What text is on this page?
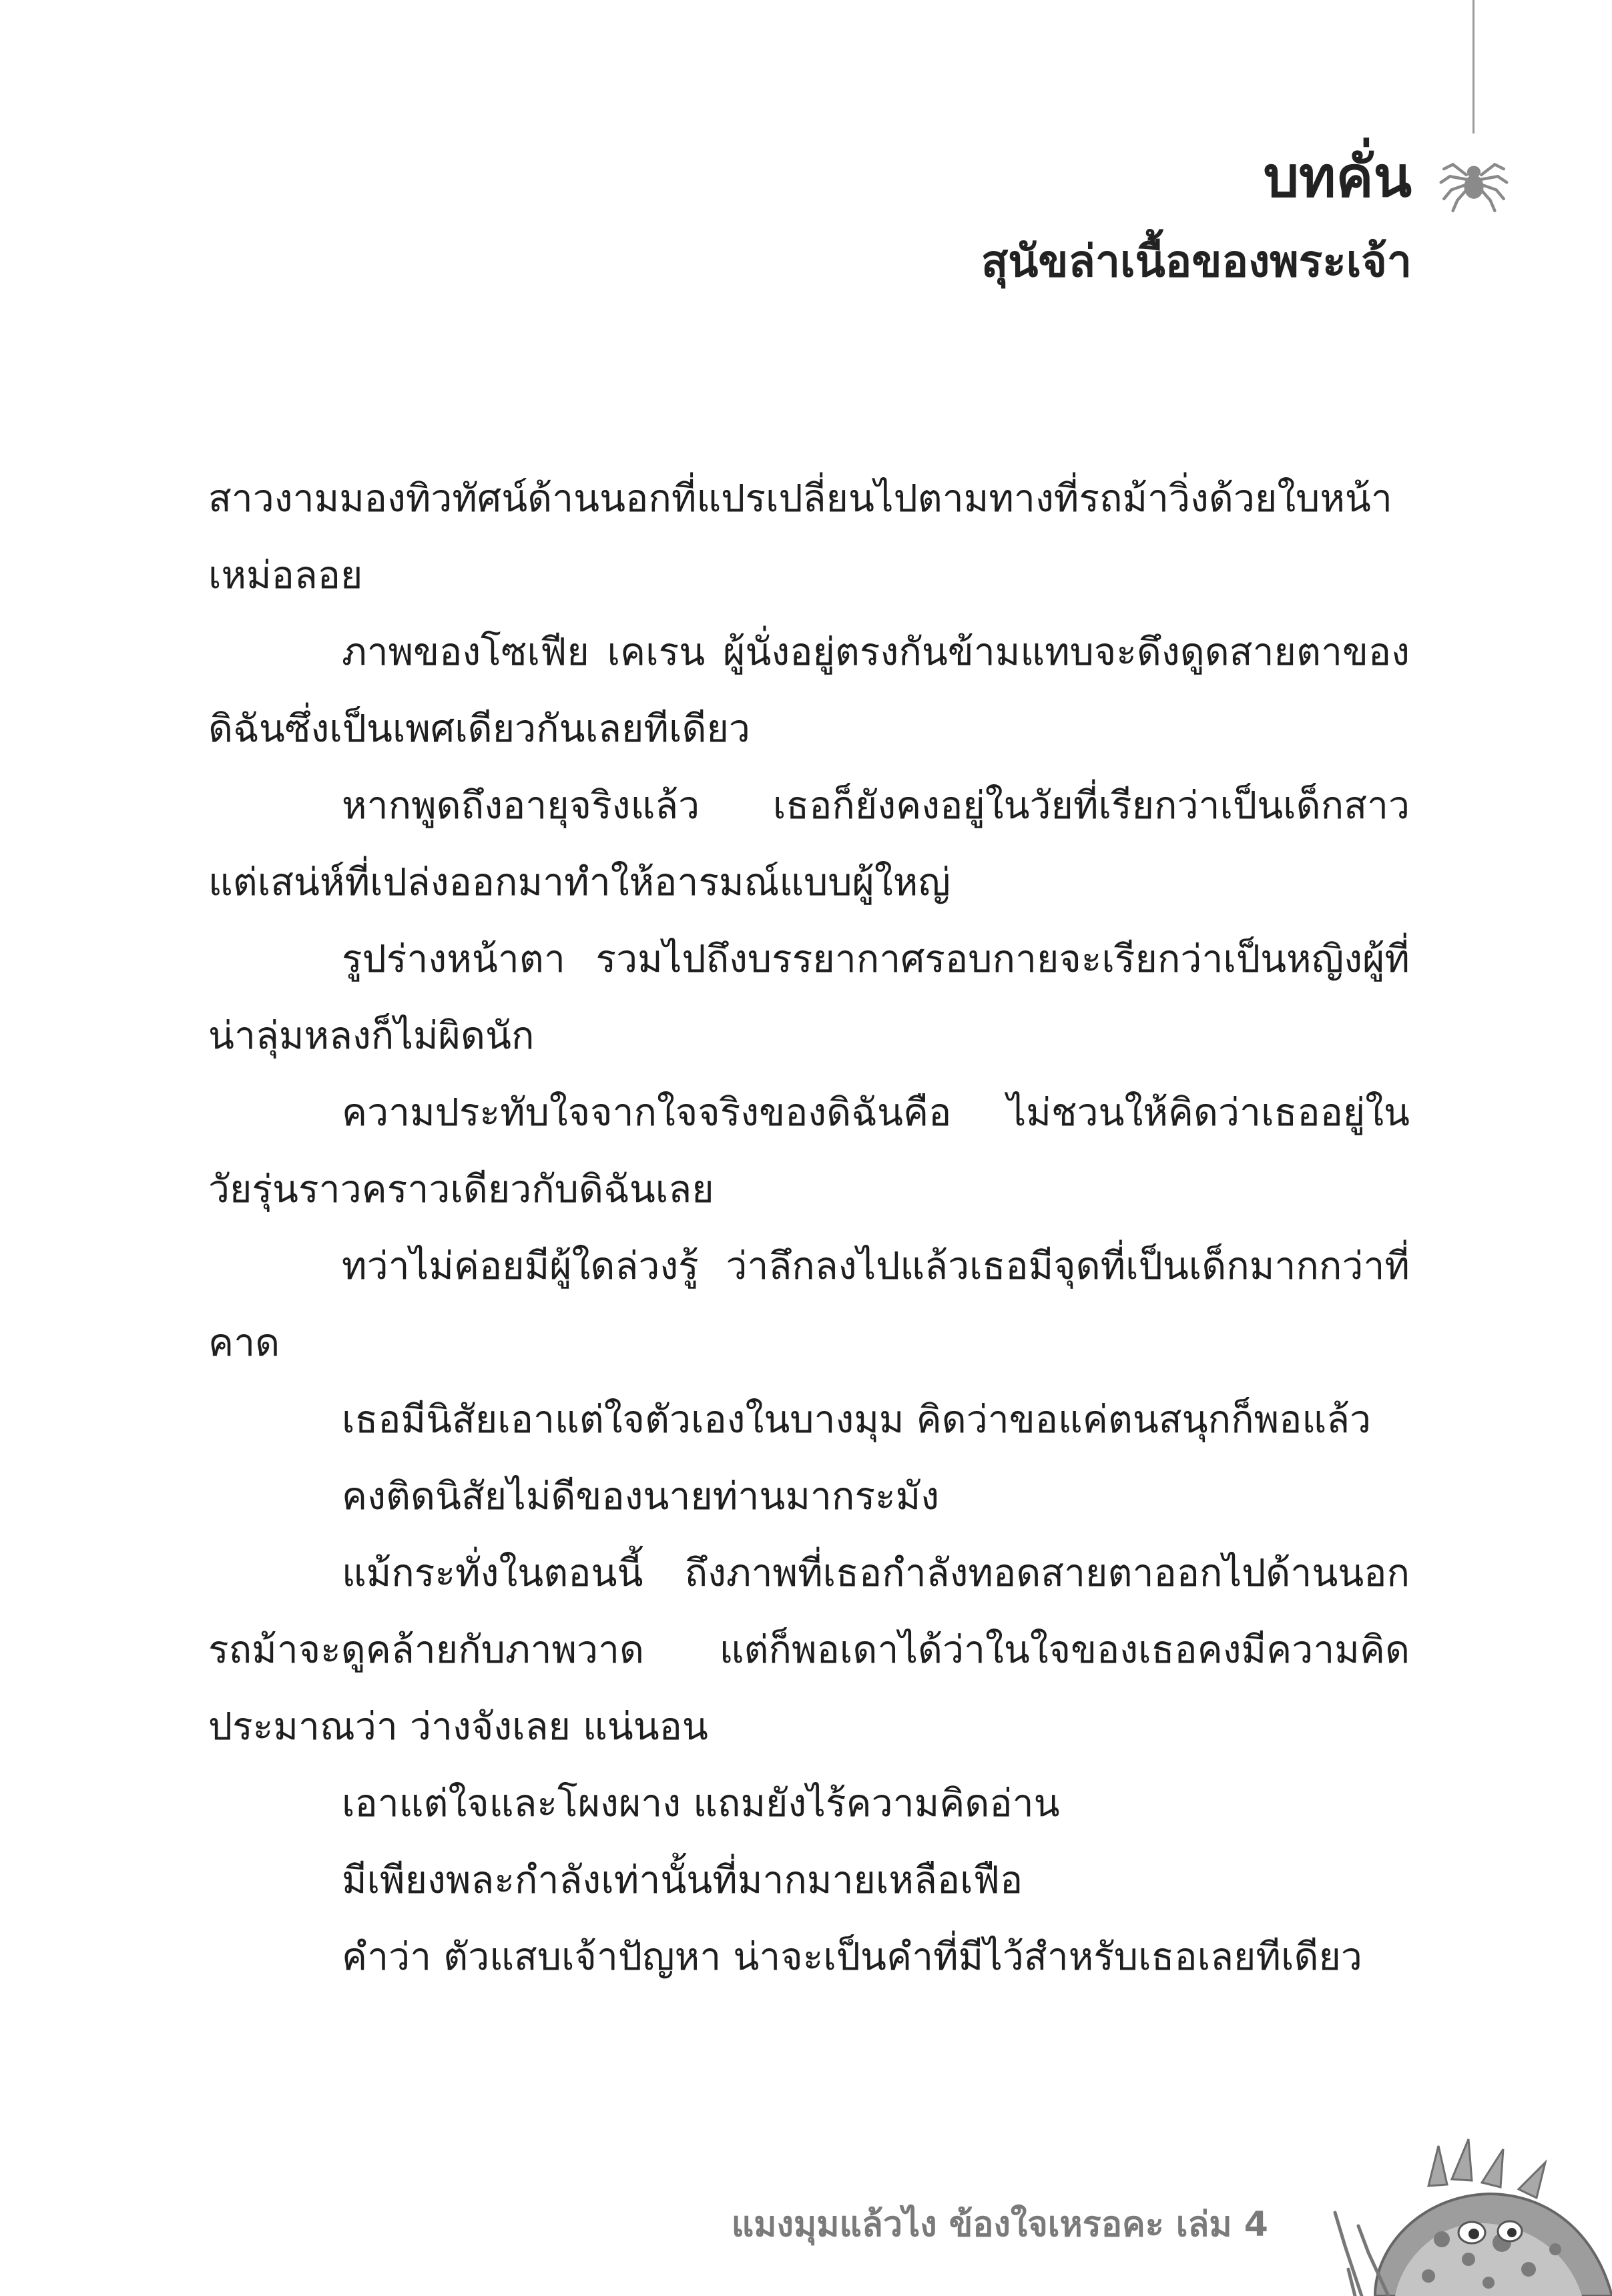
บทคั่น
สุนัขล่าเนื้อของพระเจ้า

สาวงามมองทิวทัศน์ด้านนอกที่แปรเปลี่ยนไปตามทางที่รถม้าวิ่งด้วยใบหน้าเหม่อลอย

ภาพของโซเฟีย เคเรน ผู้นั่งอยู่ตรงกันข้ามแทบจะดึงดูดสายตาของดิฉันซึ่งเป็นเพศเดียวกันเลยทีเดียว

หากพูดถึงอายุจริงแล้ว เธอก็ยังคงอยู่ในวัยที่เรียกว่าเป็นเด็กสาว แต่เสน่ห์ที่เปล่งออกมาทำให้อารมณ์แบบผู้ใหญ่

รูปร่างหน้าตา รวมไปถึงบรรยากาศรอบกายจะเรียกว่าเป็นหญิงผู้ที่น่าลุ่มหลงก็ไม่ผิดนัก

ความประทับใจจากใจจริงของดิฉันคือ ไม่ชวนให้คิดว่าเธออยู่ในวัยรุ่นราวคราวเดียวกับดิฉันเลย

ทว่าไม่ค่อยมีผู้ใดล่วงรู้ ว่าลึกลงไปแล้วเธอมีจุดที่เป็นเด็กมากกว่าที่คาด

เธอมีนิสัยเอาแต่ใจตัวเองในบางมุม คิดว่าขอแค่ตนสนุกก็พอแล้ว

คงติดนิสัยไม่ดีของนายท่านมากระมัง

แม้กระทั่งในตอนนี้ ถึงภาพที่เธอกำลังทอดสายตาออกไปด้านนอกรถม้าจะดูคล้ายกับภาพวาด แต่ก็พอเดาได้ว่าในใจของเธอคงมีความคิดประมาณว่า ว่างจังเลย แน่นอน

เอาแต่ใจและโผงผาง แถมยังไร้ความคิดอ่าน

มีเพียงพละกำลังเท่านั้นที่มากมายเหลือเฟือ

คำว่า ตัวแสบเจ้าปัญหา น่าจะเป็นคำที่มีไว้สำหรับเธอเลยทีเดียว

แมงมุมแล้วไง ข้องใจเหรอคะ เล่ม 4
